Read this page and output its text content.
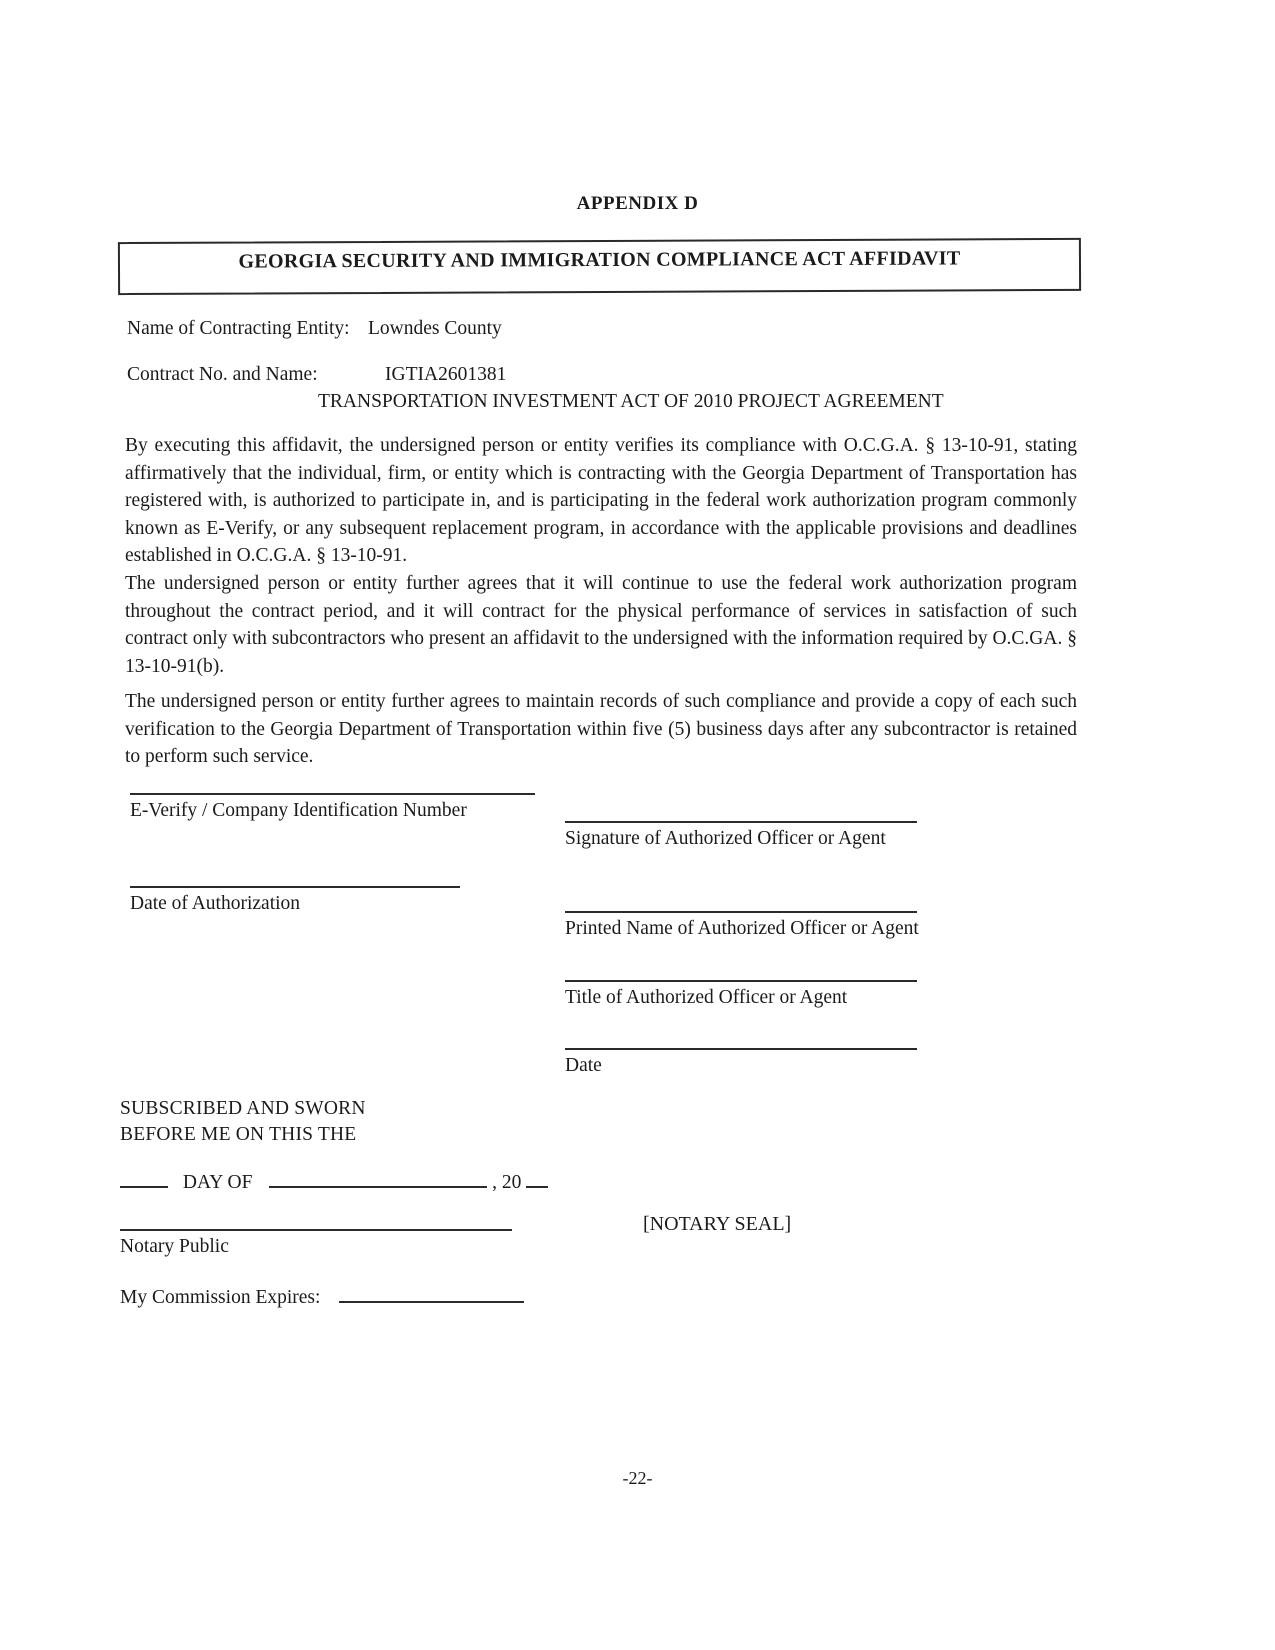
APPENDIX D
GEORGIA SECURITY AND IMMIGRATION COMPLIANCE ACT AFFIDAVIT
Name of Contracting Entity: Lowndes County
Contract No. and Name:	IGTIA2601381
TRANSPORTATION INVESTMENT ACT OF 2010 PROJECT AGREEMENT
By executing this affidavit, the undersigned person or entity verifies its compliance with O.C.G.A. § 13-10-91, stating affirmatively that the individual, firm, or entity which is contracting with the Georgia Department of Transportation has registered with, is authorized to participate in, and is participating in the federal work authorization program commonly known as E-Verify, or any subsequent replacement program, in accordance with the applicable provisions and deadlines established in O.C.G.A. § 13-10-91.
The undersigned person or entity further agrees that it will continue to use the federal work authorization program throughout the contract period, and it will contract for the physical performance of services in satisfaction of such contract only with subcontractors who present an affidavit to the undersigned with the information required by O.C.GA. § 13-10-91(b).
The undersigned person or entity further agrees to maintain records of such compliance and provide a copy of each such verification to the Georgia Department of Transportation within five (5) business days after any subcontractor is retained to perform such service.
E-Verify / Company Identification Number
Signature of Authorized Officer or Agent
Date of Authorization
Printed Name of Authorized Officer or Agent
Title of Authorized Officer or Agent
Date
SUBSCRIBED AND SWORN
BEFORE ME ON THIS THE
DAY OF	, 20
Notary Public
[NOTARY SEAL]
My Commission Expires:
-22-
